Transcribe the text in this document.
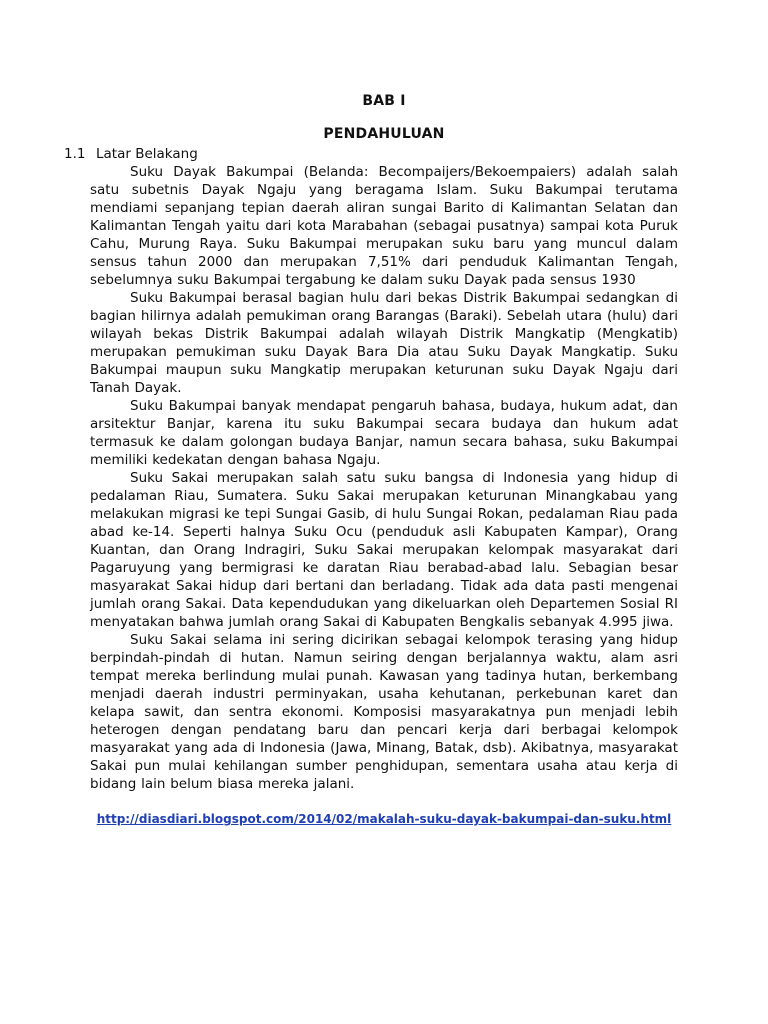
BAB I
PENDAHULUAN
1.1 Latar Belakang

Suku Dayak Bakumpai (Belanda: Becompaijers/Bekoempaiers) adalah salah satu subetnis Dayak Ngaju yang beragama Islam. Suku Bakumpai terutama mendiami sepanjang tepian daerah aliran sungai Barito di Kalimantan Selatan dan Kalimantan Tengah yaitu dari kota Marabahan (sebagai pusatnya) sampai kota Puruk Cahu, Murung Raya. Suku Bakumpai merupakan suku baru yang muncul dalam sensus tahun 2000 dan merupakan 7,51% dari penduduk Kalimantan Tengah, sebelumnya suku Bakumpai tergabung ke dalam suku Dayak pada sensus 1930

Suku Bakumpai berasal bagian hulu dari bekas Distrik Bakumpai sedangkan di bagian hilirnya adalah pemukiman orang Barangas (Baraki). Sebelah utara (hulu) dari wilayah bekas Distrik Bakumpai adalah wilayah Distrik Mangkatip (Mengkatib) merupakan pemukiman suku Dayak Bara Dia atau Suku Dayak Mangkatip. Suku Bakumpai maupun suku Mangkatip merupakan keturunan suku Dayak Ngaju dari Tanah Dayak.

Suku Bakumpai banyak mendapat pengaruh bahasa, budaya, hukum adat, dan arsitektur Banjar, karena itu suku Bakumpai secara budaya dan hukum adat termasuk ke dalam golongan budaya Banjar, namun secara bahasa, suku Bakumpai memiliki kedekatan dengan bahasa Ngaju.

Suku Sakai merupakan salah satu suku bangsa di Indonesia yang hidup di pedalaman Riau, Sumatera. Suku Sakai merupakan keturunan Minangkabau yang melakukan migrasi ke tepi Sungai Gasib, di hulu Sungai Rokan, pedalaman Riau pada abad ke-14. Seperti halnya Suku Ocu (penduduk asli Kabupaten Kampar), Orang Kuantan, dan Orang Indragiri, Suku Sakai merupakan kelompak masyarakat dari Pagaruyung yang bermigrasi ke daratan Riau berabad-abad lalu. Sebagian besar masyarakat Sakai hidup dari bertani dan berladang. Tidak ada data pasti mengenai jumlah orang Sakai. Data kependudukan yang dikeluarkan oleh Departemen Sosial RI menyatakan bahwa jumlah orang Sakai di Kabupaten Bengkalis sebanyak 4.995 jiwa.

Suku Sakai selama ini sering dicirikan sebagai kelompok terasing yang hidup berpindah-pindah di hutan. Namun seiring dengan berjalannya waktu, alam asri tempat mereka berlindung mulai punah. Kawasan yang tadinya hutan, berkembang menjadi daerah industri perminyakan, usaha kehutanan, perkebunan karet dan kelapa sawit, dan sentra ekonomi. Komposisi masyarakatnya pun menjadi lebih heterogen dengan pendatang baru dan pencari kerja dari berbagai kelompok masyarakat yang ada di Indonesia (Jawa, Minang, Batak, dsb). Akibatnya, masyarakat Sakai pun mulai kehilangan sumber penghidupan, sementara usaha atau kerja di bidang lain belum biasa mereka jalani.

http://diasdiari.blogspot.com/2014/02/makalah-suku-dayak-bakumpai-dan-suku.html
